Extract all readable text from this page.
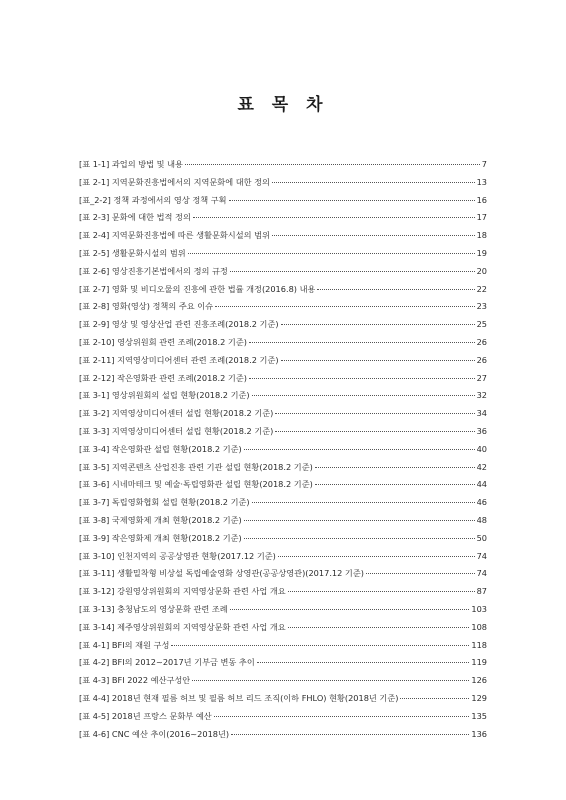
표 목 차
[표 1-1] 과업의 방법 및 내용	7
[표 2-1] 지역문화진흥법에서의 지역문화에 대한 정의	13
[표_2-2] 정책 과정에서의 영상 정책 구획	16
[표 2-3] 문화에 대한 법적 정의	17
[표 2-4] 지역문화진흥법에 따른 생활문화시설의 범위	18
[표 2-5] 생활문화시설의 범위	19
[표 2-6] 영상진흥기본법에서의 정의 규정	20
[표 2-7] 영화 및 비디오물의 진흥에 관한 법률 개정(2016.8) 내용	22
[표 2-8] 영화(영상) 정책의 주요 이슈	23
[표 2-9] 영상 및 영상산업 관련 진흥조례(2018.2 기준)	25
[표 2-10] 영상위원회 관련 조례(2018.2 기준)	26
[표 2-11] 지역영상미디어센터 관련 조례(2018.2 기준)	26
[표 2-12] 작은영화관 관련 조례(2018.2 기준)	27
[표 3-1] 영상위원회의 설립 현황(2018.2 기준)	32
[표 3-2] 지역영상미디어센터 설립 현황(2018.2 기준)	34
[표 3-3] 지역영상미디어센터 설립 현황(2018.2 기준)	36
[표 3-4] 작은영화관 설립 현황(2018.2 기준)	40
[표 3-5] 지역콘텐츠 산업진흥 관련 기관 설립 현황(2018.2 기준)	42
[표 3-6] 시네마테크 및 예술·독립영화관 설립 현황(2018.2 기준)	44
[표 3-7] 독립영화협회 설립 현황(2018.2 기준)	46
[표 3-8] 국제영화제 개최 현황(2018.2 기준)	48
[표 3-9] 작은영화제 개최 현황(2018.2 기준)	50
[표 3-10] 인천지역의 공공상영관 현황(2017.12 기준)	74
[표 3-11] 생활밀착형 비상설 독립예술영화 상영관(공공상영관)(2017.12 기준)	74
[표 3-12] 강원영상위원회의 지역영상문화 관련 사업 개요	87
[표 3-13] 충청남도의 영상문화 관련 조례	103
[표 3-14] 제주영상위원회의 지역영상문화 관련 사업 개요	108
[표 4-1] BFI의 재원 구성	118
[표 4-2] BFI의 2012~2017년 기부금 변동 추이	119
[표 4-3] BFI 2022 예산구성안	126
[표 4-4] 2018년 현재 필름 허브 및 필름 허브 리드 조직(이하 FHLO) 현황(2018년 기준)	129
[표 4-5] 2018년 프랑스 문화부 예산	135
[표 4-6] CNC 예산 추이(2016~2018년)	136
